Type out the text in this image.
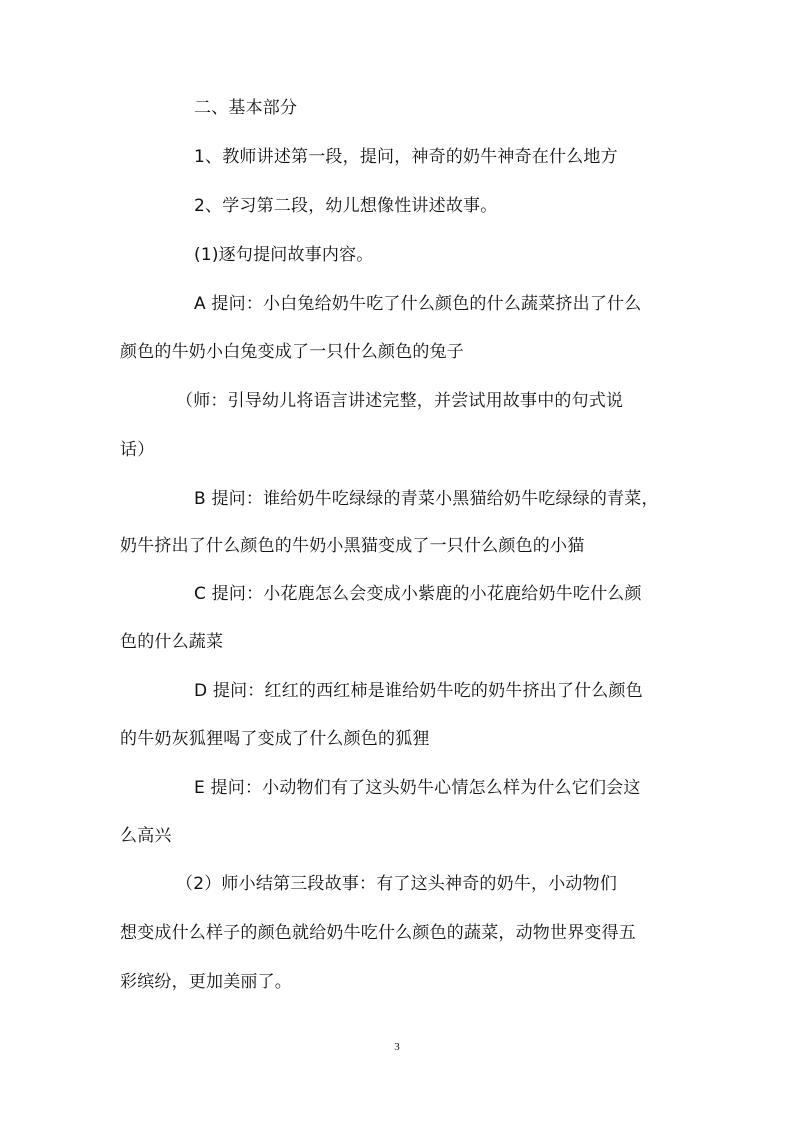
二、基本部分

1、教师讲述第一段，提问，神奇的奶牛神奇在什么地方

2、学习第二段，幼儿想像性讲述故事。

(1)逐句提问故事内容。

A 提问：小白兔给奶牛吃了什么颜色的什么蔬菜挤出了什么

颜色的牛奶小白兔变成了一只什么颜色的兔子

（师：引导幼儿将语言讲述完整，并尝试用故事中的句式说

话）

B 提问：谁给奶牛吃绿绿的青菜小黑猫给奶牛吃绿绿的青菜，

奶牛挤出了什么颜色的牛奶小黑猫变成了一只什么颜色的小猫

C 提问：小花鹿怎么会变成小紫鹿的小花鹿给奶牛吃什么颜

色的什么蔬菜

D 提问：红红的西红柿是谁给奶牛吃的奶牛挤出了什么颜色

的牛奶灰狐狸喝了变成了什么颜色的狐狸

E 提问：小动物们有了这头奶牛心情怎么样为什么它们会这

么高兴

（2）师小结第三段故事：有了这头神奇的奶牛，小动物们

想变成什么样子的颜色就给奶牛吃什么颜色的蔬菜，动物世界变得五

彩缤纷，更加美丽了。

3
